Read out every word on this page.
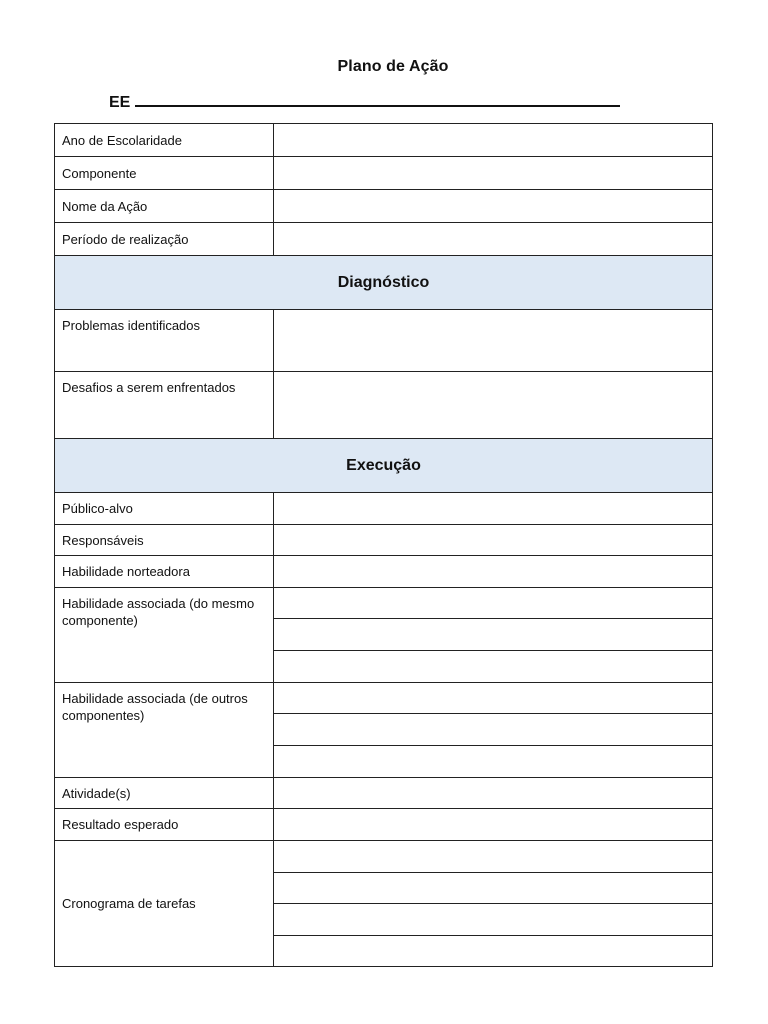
Plano de Ação
EE
Ano de Escolaridade	
Componente	
Nome da Ação	
Período de realização	
Diagnóstico	
Problemas identificados	
Desafios a serem enfrentados	
Execução	
Público-alvo	
Responsáveis	
Habilidade norteadora	
Habilidade associada (do mesmo componente)	

Habilidade associada (de outros componentes)	

Atividade(s)	
Resultado esperado	
Cronograma de tarefas	
